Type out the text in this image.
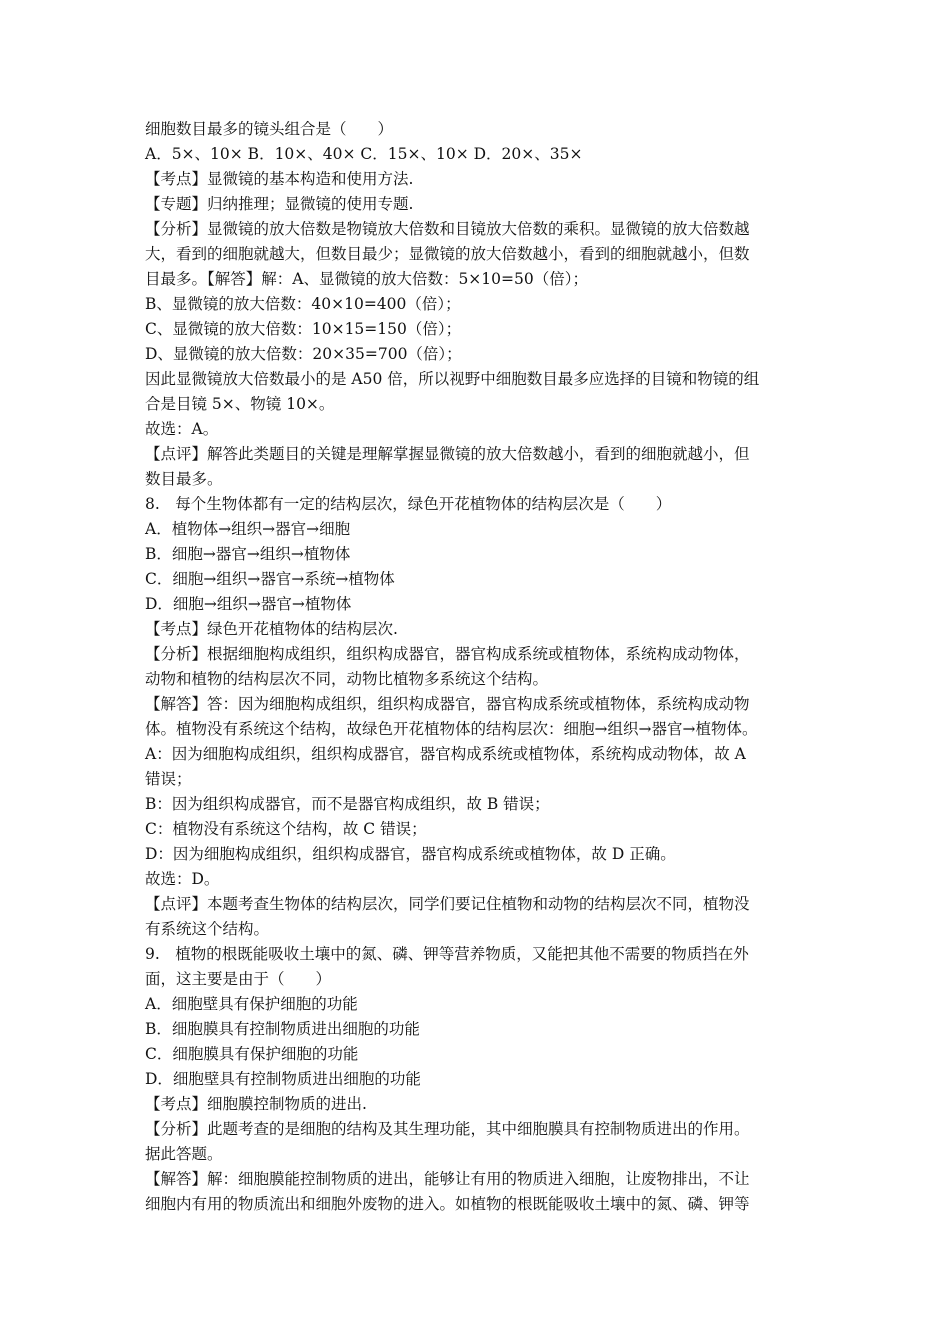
细胞数目最多的镜头组合是（　　）
A．5×、10× B．10×、40× C．15×、10× D．20×、35×
【考点】显微镜的基本构造和使用方法.
【专题】归纳推理；显微镜的使用专题.
【分析】显微镜的放大倍数是物镜放大倍数和目镜放大倍数的乘积。显微镜的放大倍数越
大，看到的细胞就越大，但数目最少；显微镜的放大倍数越小，看到的细胞就越小，但数
目最多。【解答】解：A、显微镜的放大倍数：5×10=50（倍）；
B、显微镜的放大倍数：40×10=400（倍）；
C、显微镜的放大倍数：10×15=150（倍）；
D、显微镜的放大倍数：20×35=700（倍）；
因此显微镜放大倍数最小的是 A50 倍，所以视野中细胞数目最多应选择的目镜和物镜的组
合是目镜 5×、物镜 10×。
故选：A。
【点评】解答此类题目的关键是理解掌握显微镜的放大倍数越小，看到的细胞就越小，但
数目最多。
8.　每个生物体都有一定的结构层次，绿色开花植物体的结构层次是（　　）
A．植物体→组织→器官→细胞
B．细胞→器官→组织→植物体
C．细胞→组织→器官→系统→植物体
D．细胞→组织→器官→植物体
【考点】绿色开花植物体的结构层次.
【分析】根据细胞构成组织，组织构成器官，器官构成系统或植物体，系统构成动物体，
动物和植物的结构层次不同，动物比植物多系统这个结构。
【解答】答：因为细胞构成组织，组织构成器官，器官构成系统或植物体，系统构成动物
体。植物没有系统这个结构，故绿色开花植物体的结构层次：细胞→组织→器官→植物体。
A：因为细胞构成组织，组织构成器官，器官构成系统或植物体，系统构成动物体，故 A
错误；
B：因为组织构成器官，而不是器官构成组织，故 B 错误；
C：植物没有系统这个结构，故 C 错误；
D：因为细胞构成组织，组织构成器官，器官构成系统或植物体，故 D 正确。
故选：D。
【点评】本题考查生物体的结构层次，同学们要记住植物和动物的结构层次不同，植物没
有系统这个结构。
9.　植物的根既能吸收土壤中的氮、磷、钾等营养物质，又能把其他不需要的物质挡在外
面，这主要是由于（　　）
A．细胞壁具有保护细胞的功能
B．细胞膜具有控制物质进出细胞的功能
C．细胞膜具有保护细胞的功能
D．细胞壁具有控制物质进出细胞的功能
【考点】细胞膜控制物质的进出.
【分析】此题考查的是细胞的结构及其生理功能，其中细胞膜具有控制物质进出的作用。
据此答题。
【解答】解：细胞膜能控制物质的进出，能够让有用的物质进入细胞，让废物排出，不让
细胞内有用的物质流出和细胞外废物的进入。如植物的根既能吸收土壤中的氮、磷、钾等
